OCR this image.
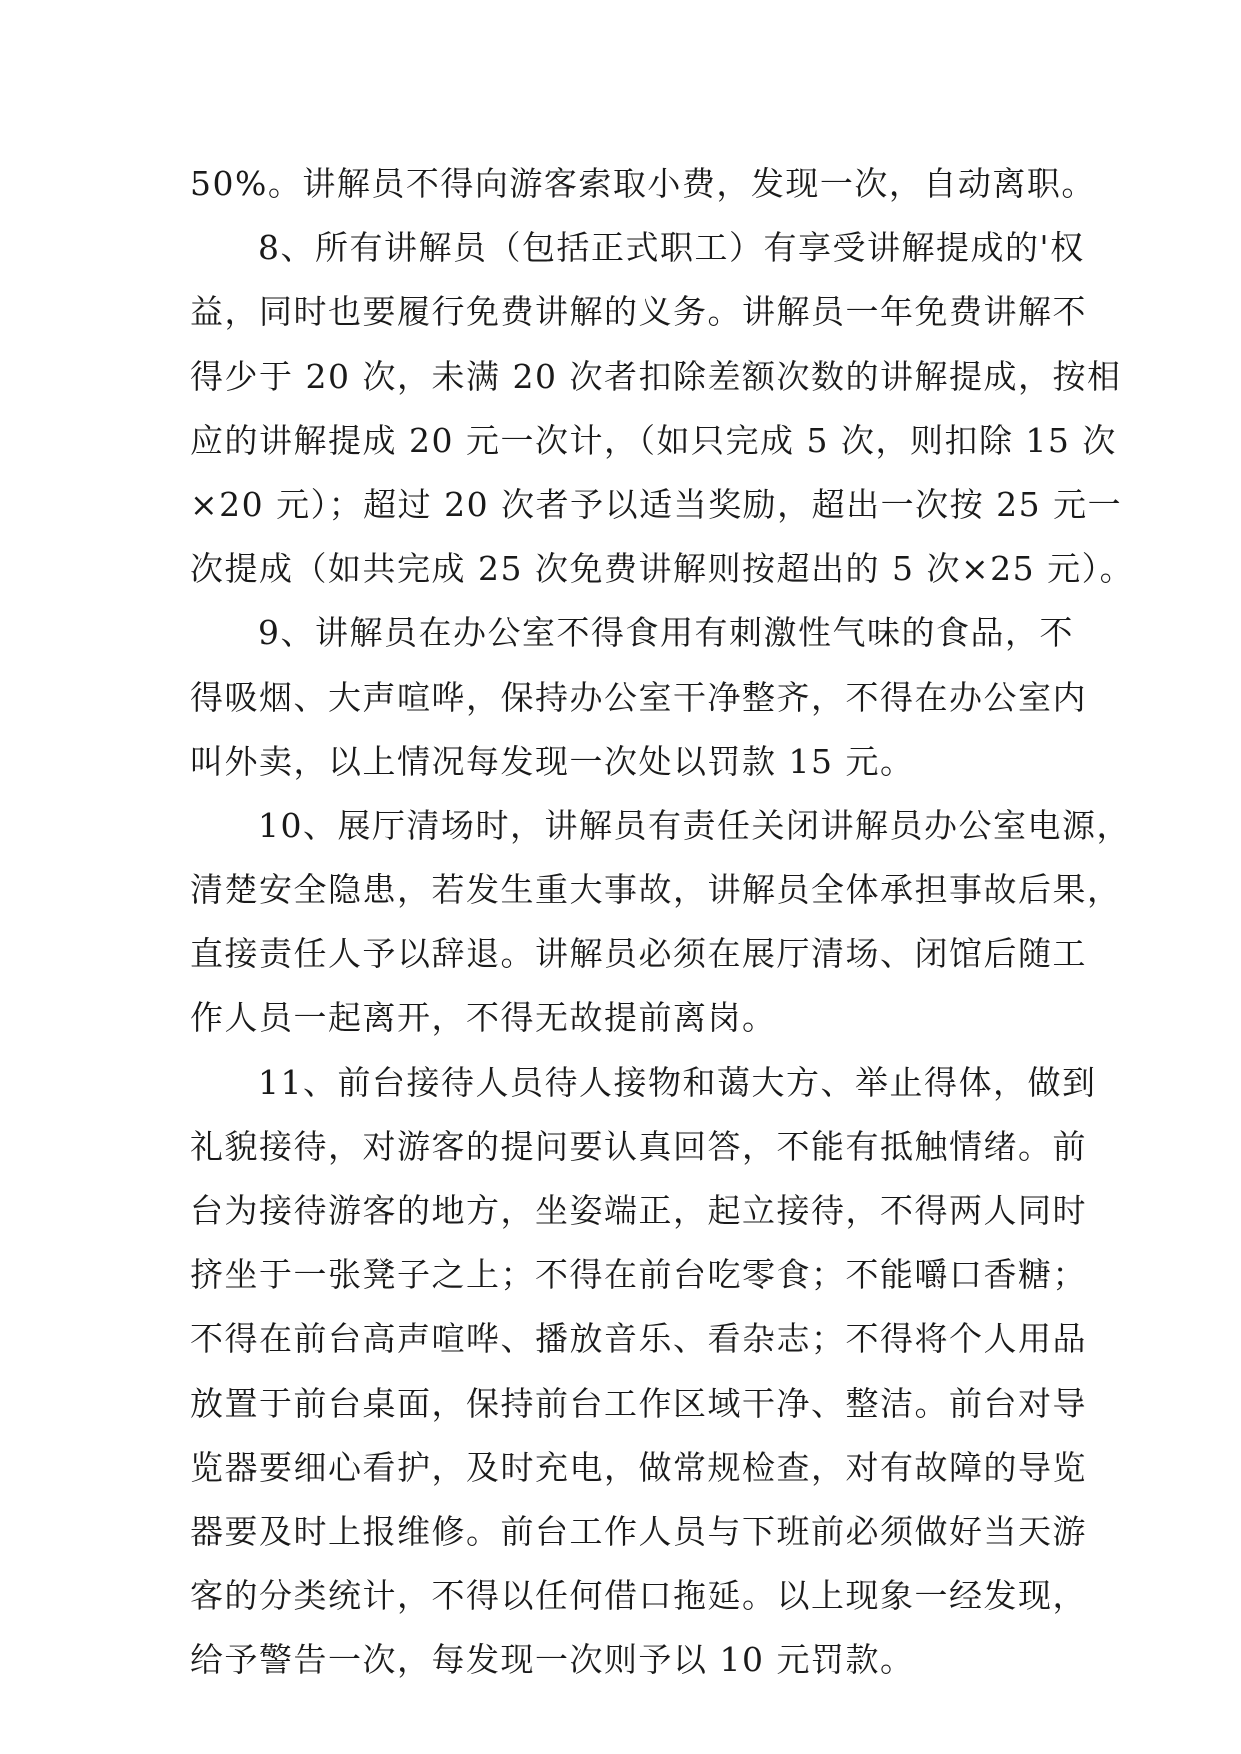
50%。讲解员不得向游客索取小费，发现一次，自动离职。
8、所有讲解员（包括正式职工）有享受讲解提成的'权
益，同时也要履行免费讲解的义务。讲解员一年免费讲解不
得少于 20 次，未满 20 次者扣除差额次数的讲解提成，按相
应的讲解提成 20 元一次计，（如只完成 5 次，则扣除 15 次
×20 元）；超过 20 次者予以适当奖励，超出一次按 25 元一
次提成（如共完成 25 次免费讲解则按超出的 5 次×25 元）。
9、讲解员在办公室不得食用有刺激性气味的食品，不
得吸烟、大声喧哗，保持办公室干净整齐，不得在办公室内
叫外卖，以上情况每发现一次处以罚款 15 元。
10、展厅清场时，讲解员有责任关闭讲解员办公室电源，
清楚安全隐患，若发生重大事故，讲解员全体承担事故后果，
直接责任人予以辞退。讲解员必须在展厅清场、闭馆后随工
作人员一起离开，不得无故提前离岗。
11、前台接待人员待人接物和蔼大方、举止得体，做到
礼貌接待，对游客的提问要认真回答，不能有抵触情绪。前
台为接待游客的地方，坐姿端正，起立接待，不得两人同时
挤坐于一张凳子之上；不得在前台吃零食；不能嚼口香糖；
不得在前台高声喧哗、播放音乐、看杂志；不得将个人用品
放置于前台桌面，保持前台工作区域干净、整洁。前台对导
览器要细心看护，及时充电，做常规检查，对有故障的导览
器要及时上报维修。前台工作人员与下班前必须做好当天游
客的分类统计，不得以任何借口拖延。以上现象一经发现，
给予警告一次，每发现一次则予以 10 元罚款。
